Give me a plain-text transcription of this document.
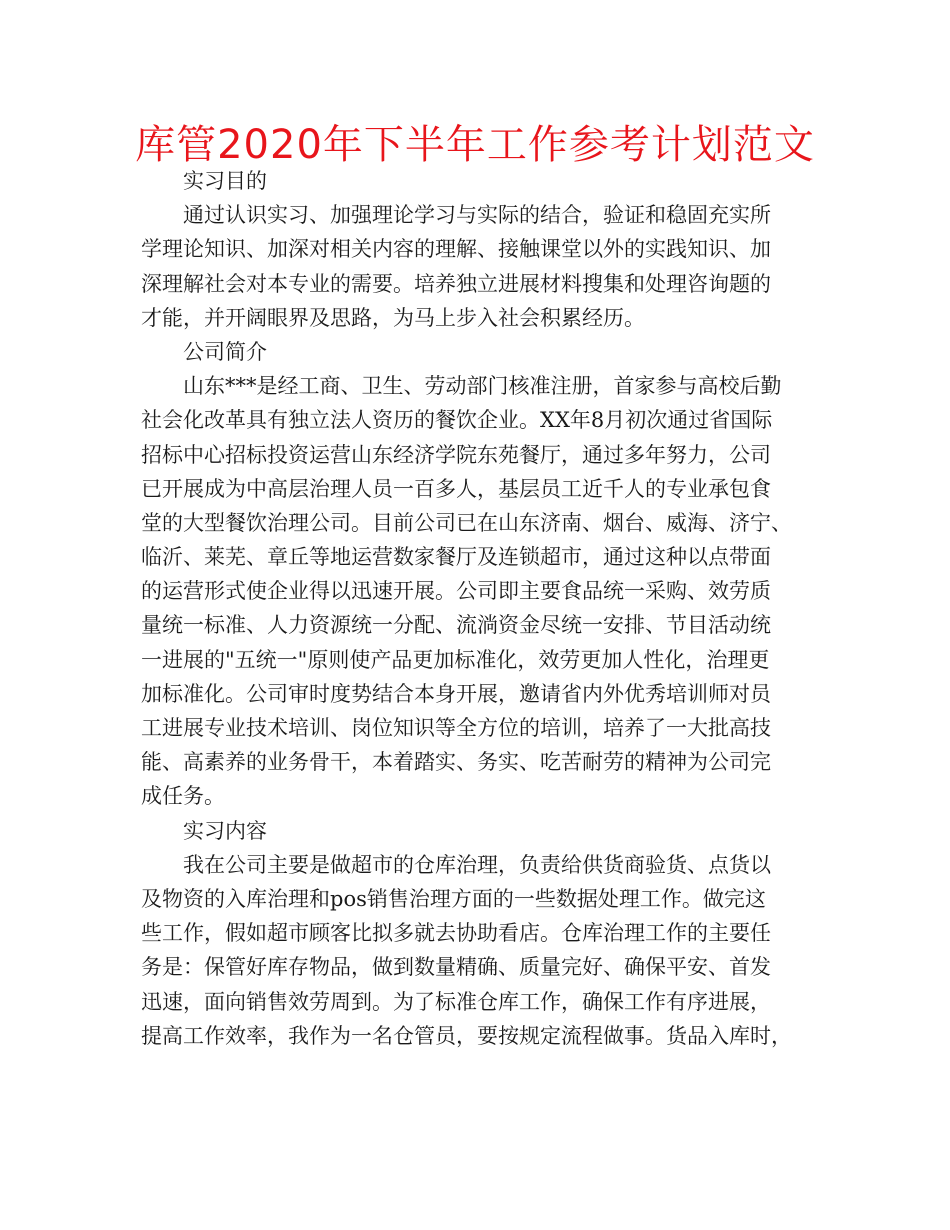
库管2020年下半年工作参考计划范文
实习目的
通过认识实习、加强理论学习与实际的结合，验证和稳固充实所
学理论知识、加深对相关内容的理解、接触课堂以外的实践知识、加
深理解社会对本专业的需要。培养独立进展材料搜集和处理咨询题的
才能，并开阔眼界及思路，为马上步入社会积累经历。
公司简介
山东***是经工商、卫生、劳动部门核准注册，首家参与高校后勤
社会化改革具有独立法人资历的餐饮企业。XX年8月初次通过省国际
招标中心招标投资运营山东经济学院东苑餐厅，通过多年努力，公司
已开展成为中高层治理人员一百多人，基层员工近千人的专业承包食
堂的大型餐饮治理公司。目前公司已在山东济南、烟台、威海、济宁、
临沂、莱芜、章丘等地运营数家餐厅及连锁超市，通过这种以点带面
的运营形式使企业得以迅速开展。公司即主要食品统一采购、效劳质
量统一标准、人力资源统一分配、流淌资金尽统一安排、节目活动统
一进展的"五统一"原则使产品更加标准化，效劳更加人性化，治理更
加标准化。公司审时度势结合本身开展，邀请省内外优秀培训师对员
工进展专业技术培训、岗位知识等全方位的培训，培养了一大批高技
能、高素养的业务骨干，本着踏实、务实、吃苦耐劳的精神为公司完
成任务。
实习内容
我在公司主要是做超市的仓库治理，负责给供货商验货、点货以
及物资的入库治理和pos销售治理方面的一些数据处理工作。做完这
些工作，假如超市顾客比拟多就去协助看店。仓库治理工作的主要任
务是：保管好库存物品，做到数量精确、质量完好、确保平安、首发
迅速，面向销售效劳周到。为了标准仓库工作，确保工作有序进展，
提高工作效率，我作为一名仓管员，要按规定流程做事。货品入库时，
